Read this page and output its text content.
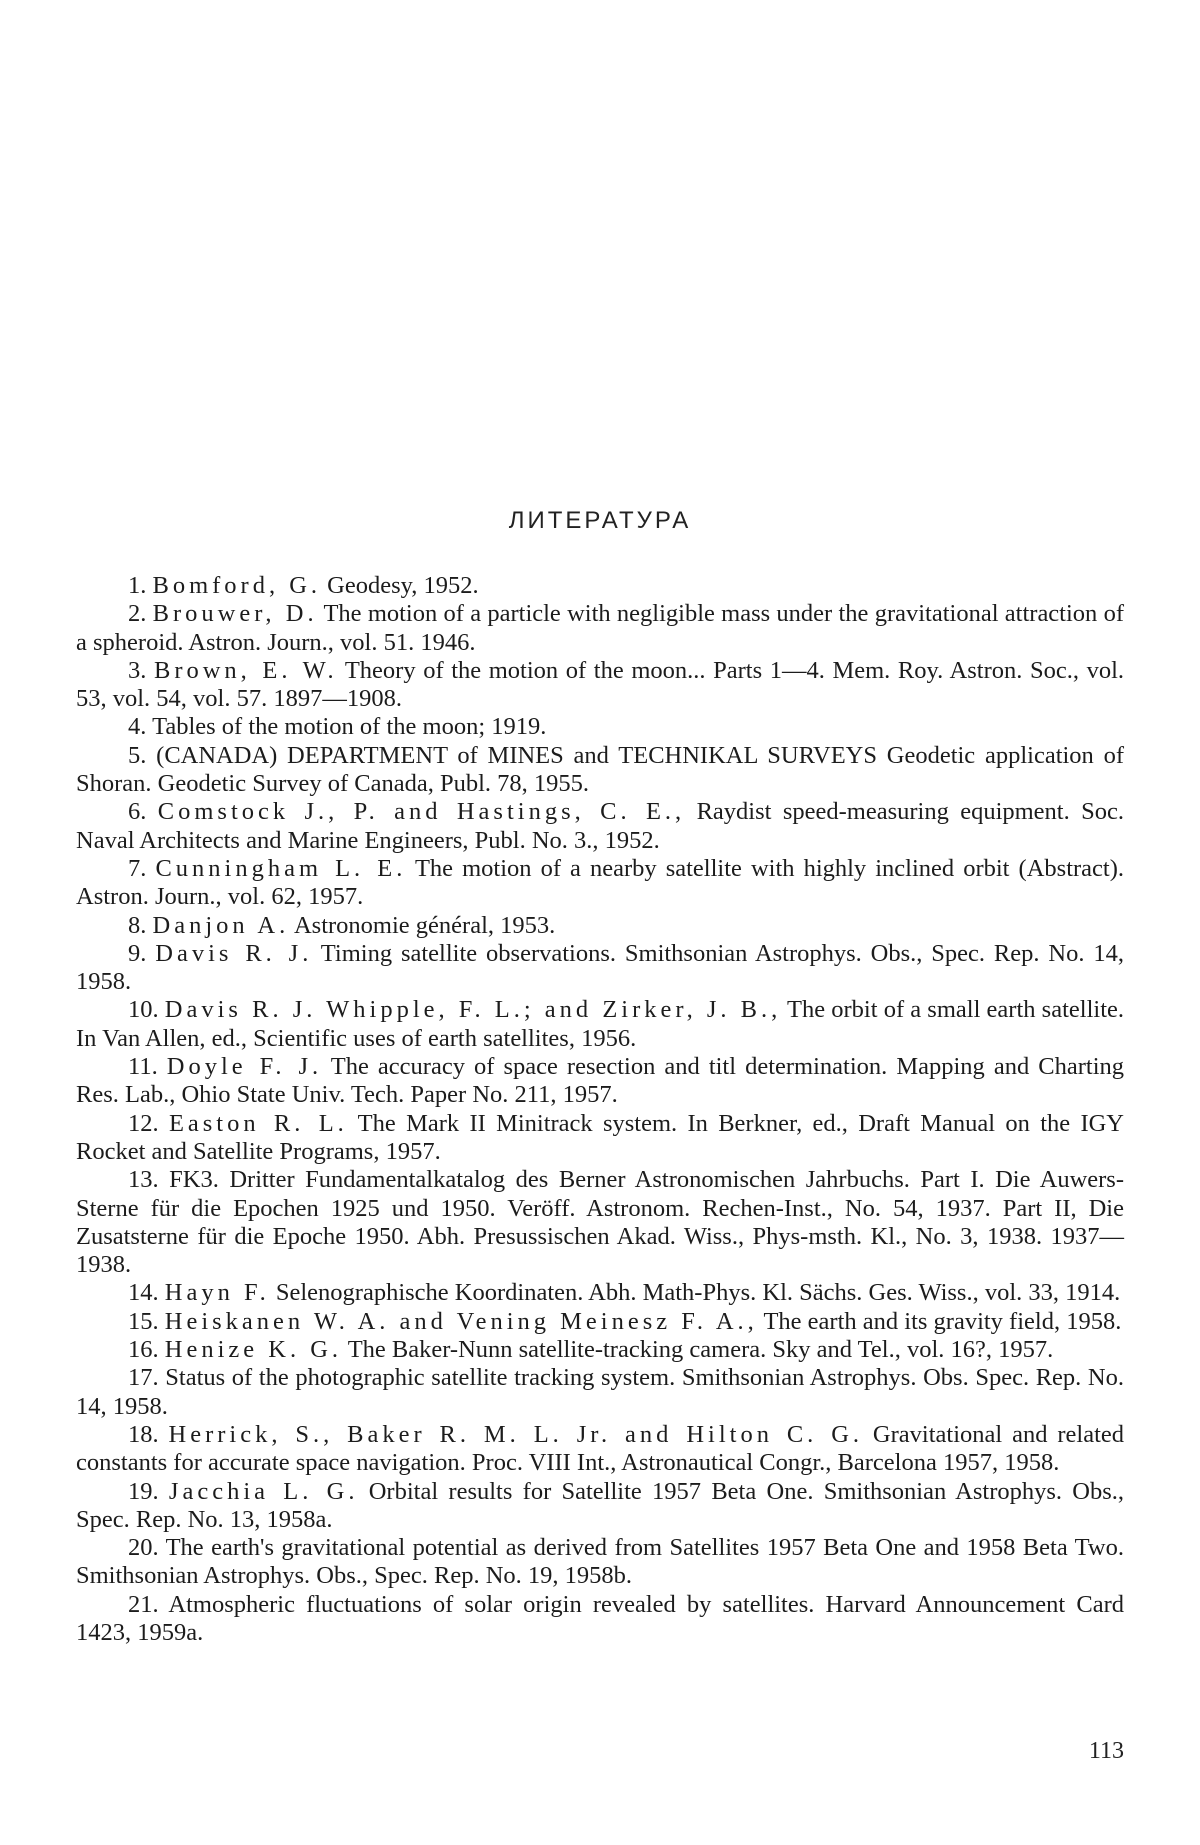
ЛИТЕРАТУРА

1. Bomford, G. Geodesy, 1952.

2. Brouwer, D. The motion of a particle with negligible mass under the gravitational attraction of a spheroid. Astron. Journ., vol. 51. 1946.

3. Brown, E. W. Theory of the motion of the moon... Parts 1—4. Mem. Roy. Astron. Soc., vol. 53, vol. 54, vol. 57. 1897—1908.

4. Tables of the motion of the moon; 1919.

5. (CANADA) DEPARTMENT of MINES and TECHNIKAL SURVEYS Geodetic application of Shoran. Geodetic Survey of Canada, Publ. 78, 1955.

6. Comstock J., P. and Hastings, C. E., Raydist speed-measuring equipment. Soc. Naval Architects and Marine Engineers, Publ. No. 3., 1952.

7. Cunningham L. E. The motion of a nearby satellite with highly inclined orbit (Abstract). Astron. Journ., vol. 62, 1957.

8. Danjon A. Astronomie général, 1953.

9. Davis R. J. Timing satellite observations. Smithsonian Astrophys. Obs., Spec. Rep. No. 14, 1958.

10. Davis R. J. Whipple, F. L.; and Zirker, J. B., The orbit of a small earth satellite. In Van Allen, ed., Scientific uses of earth satellites, 1956.

11. Doyle F. J. The accuracy of space resection and titl determination. Mapping and Charting Res. Lab., Ohio State Univ. Tech. Paper No. 211, 1957.

12. Easton R. L. The Mark II Minitrack system. In Berkner, ed., Draft Manual on the IGY Rocket and Satellite Programs, 1957.

13. FK3. Dritter Fundamentalkatalog des Berner Astronomischen Jahrbuchs. Part I. Die Auwers-Sterne für die Epochen 1925 und 1950. Veröff. Astronom. Rechen-Inst., No. 54, 1937. Part II, Die Zusatsterne für die Epoche 1950. Abh. Presussischen Akad. Wiss., Phys-msth. Kl., No. 3, 1938. 1937—1938.

14. Hayn F. Selenographische Koordinaten. Abh. Math-Phys. Kl. Sächs. Ges. Wiss., vol. 33, 1914.

15. Heiskanen W. A. and Vening Meinesz F. A., The earth and its gravity field, 1958.

16. Henize K. G. The Baker-Nunn satellite-tracking camera. Sky and Tel., vol. 16?, 1957.

17. Status of the photographic satellite tracking system. Smithsonian Astrophys. Obs. Spec. Rep. No. 14, 1958.

18. Herrick, S., Baker R. M. L. Jr. and Hilton C. G. Gravitational and related constants for accurate space navigation. Proc. VIII Int., Astronautical Congr., Barcelona 1957, 1958.

19. Jacchia L. G. Orbital results for Satellite 1957 Beta One. Smithsonian Astrophys. Obs., Spec. Rep. No. 13, 1958a.

20. The earth's gravitational potential as derived from Satellites 1957 Beta One and 1958 Beta Two. Smithsonian Astrophys. Obs., Spec. Rep. No. 19, 1958b.

21. Atmospheric fluctuations of solar origin revealed by satellites. Harvard Announcement Card 1423, 1959a.

113
